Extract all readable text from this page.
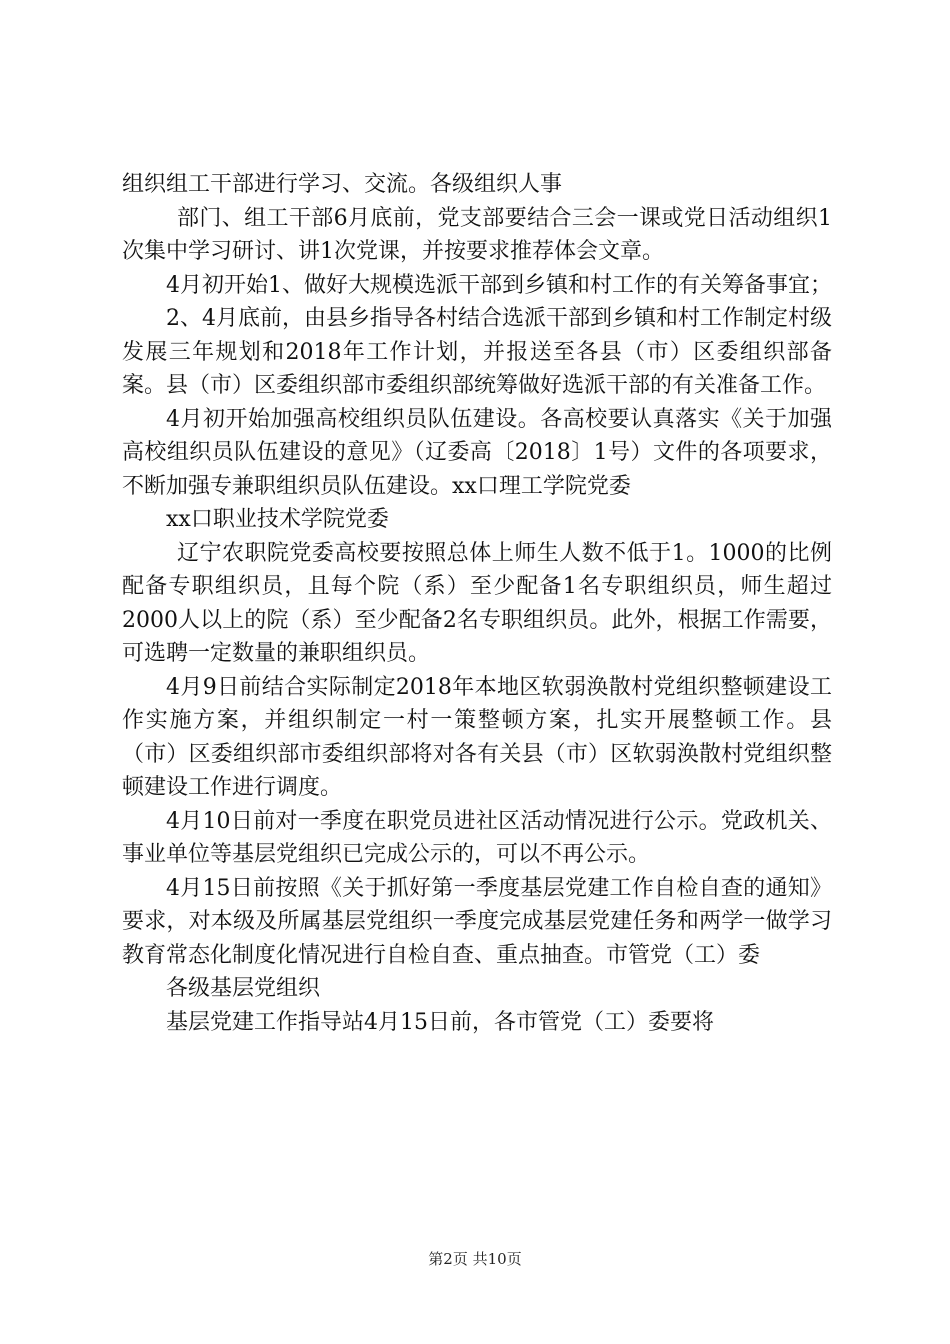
组织组工干部进行学习、交流。各级组织人事

部门、组工干部6月底前，党支部要结合三会一课或党日活动组织1次集中学习研讨、讲1次党课，并按要求推荐体会文章。

4月初开始1、做好大规模选派干部到乡镇和村工作的有关筹备事宜；

2、4月底前，由县乡指导各村结合选派干部到乡镇和村工作制定村级发展三年规划和2018年工作计划，并报送至各县（市）区委组织部备案。县（市）区委组织部市委组织部统筹做好选派干部的有关准备工作。

4月初开始加强高校组织员队伍建设。各高校要认真落实《关于加强高校组织员队伍建设的意见》（辽委高〔2018〕1号）文件的各项要求，不断加强专兼职组织员队伍建设。xx口理工学院党委

xx口职业技术学院党委

辽宁农职院党委高校要按照总体上师生人数不低于1。1000的比例配备专职组织员，且每个院（系）至少配备1名专职组织员，师生超过2000人以上的院（系）至少配备2名专职组织员。此外，根据工作需要，可选聘一定数量的兼职组织员。

4月9日前结合实际制定2018年本地区软弱涣散村党组织整顿建设工作实施方案，并组织制定一村一策整顿方案，扎实开展整顿工作。县（市）区委组织部市委组织部将对各有关县（市）区软弱涣散村党组织整顿建设工作进行调度。

4月10日前对一季度在职党员进社区活动情况进行公示。党政机关、事业单位等基层党组织已完成公示的，可以不再公示。

4月15日前按照《关于抓好第一季度基层党建工作自检自查的通知》要求，对本级及所属基层党组织一季度完成基层党建任务和两学一做学习教育常态化制度化情况进行自检自查、重点抽查。市管党（工）委

各级基层党组织

基层党建工作指导站4月15日前，各市管党（工）委要将

第2页 共10页
